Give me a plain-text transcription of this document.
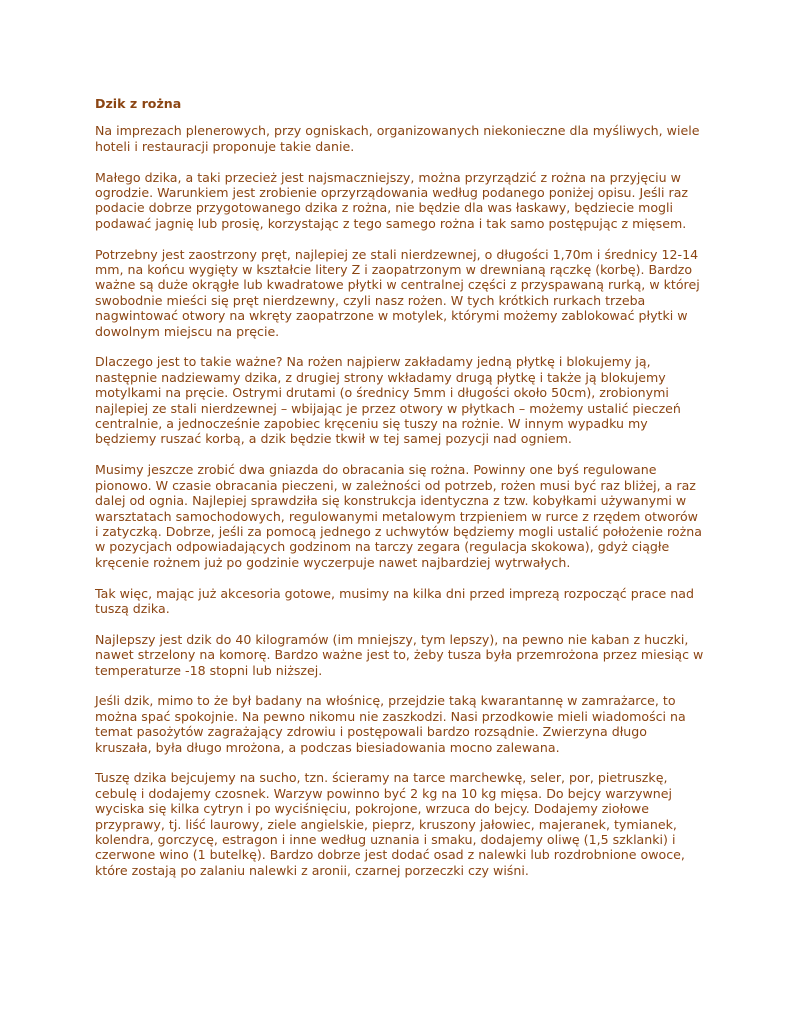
Dzik z rożna

Na imprezach plenerowych, przy ogniskach, organizowanych niekonieczne dla myśliwych, wiele hoteli i restauracji proponuje takie danie.

Małego dzika, a taki przecież jest najsmaczniejszy, można przyrządzić z rożna na przyjęciu w ogrodzie. Warunkiem jest zrobienie oprzyrządowania według podanego poniżej opisu. Jeśli raz podacie dobrze przygotowanego dzika z rożna, nie będzie dla was łaskawy, będziecie mogli podawać jagnię lub prosię, korzystając z tego samego rożna i tak samo postępując z mięsem.

Potrzebny jest zaostrzony pręt, najlepiej ze stali nierdzewnej, o długości 1,70m i średnicy 12-14 mm, na końcu wygięty w kształcie litery Z i zaopatrzonym w drewnianą rączkę (korbę). Bardzo ważne są duże okrągłe lub kwadratowe płytki w centralnej części z przyspawaną rurką, w której swobodnie mieści się pręt nierdzewny, czyli nasz rożen. W tych krótkich rurkach trzeba nagwintować otwory na wkręty zaopatrzone w motylek, którymi możemy zablokować płytki w dowolnym miejscu na pręcie.

Dlaczego jest to takie ważne? Na rożen najpierw zakładamy jedną płytkę i blokujemy ją, następnie nadziewamy dzika, z drugiej strony wkładamy drugą płytkę i także ją blokujemy motylkami na pręcie. Ostrymi drutami (o średnicy 5mm i długości około 50cm), zrobionymi najlepiej ze stali nierdzewnej – wbijając je przez otwory w płytkach – możemy ustalić pieczeń centralnie, a jednocześnie zapobiec kręceniu się tuszy na rożnie. W innym wypadku my będziemy ruszać korbą, a dzik będzie tkwił w tej samej pozycji nad ogniem.

Musimy jeszcze zrobić dwa gniazda do obracania się rożna. Powinny one byś regulowane pionowo. W czasie obracania pieczeni, w zależności od potrzeb, rożen musi być raz bliżej, a raz dalej od ognia. Najlepiej sprawdziła się konstrukcja identyczna z tzw. kobyłkami używanymi w warsztatach samochodowych, regulowanymi metalowym trzpieniem w rurce z rzędem otworów i zatyczką. Dobrze, jeśli za pomocą jednego z uchwytów będziemy mogli ustalić położenie rożna w pozycjach odpowiadających godzinom na tarczy zegara (regulacja skokowa), gdyż ciągłe kręcenie rożnem już po godzinie wyczerpuje nawet najbardziej wytrwałych.

Tak więc, mając już akcesoria gotowe, musimy na kilka dni przed imprezą rozpocząć prace nad tuszą dzika.

Najlepszy jest dzik do 40 kilogramów (im mniejszy, tym lepszy), na pewno nie kaban z huczki, nawet strzelony na komorę. Bardzo ważne jest to, żeby tusza była przemrożona przez miesiąc w temperaturze -18 stopni lub niższej.

Jeśli dzik, mimo to że był badany na włośnicę, przejdzie taką kwarantannę w zamrażarce, to można spać spokojnie. Na pewno nikomu nie zaszkodzi. Nasi przodkowie mieli wiadomości na temat pasożytów zagrażający zdrowiu i postępowali bardzo rozsądnie. Zwierzyna długo kruszała, była długo mrożona, a podczas biesiadowania mocno zalewana.

Tuszę dzika bejcujemy na sucho, tzn. ścieramy na tarce marchewkę, seler, por, pietruszkę, cebulę i dodajemy czosnek. Warzyw powinno być 2 kg na 10 kg mięsa. Do bejcy warzywnej wyciska się kilka cytryn i po wyciśnięciu, pokrojone, wrzuca do bejcy. Dodajemy ziołowe przyprawy, tj. liść laurowy, ziele angielskie, pieprz, kruszony jałowiec, majeranek, tymianek, kolendra, gorczycę, estragon i inne według uznania i smaku, dodajemy oliwę (1,5 szklanki) i czerwone wino (1 butelkę). Bardzo dobrze jest dodać osad z nalewki lub rozdrobnione owoce, które zostają po zalaniu nalewki z aronii, czarnej porzeczki czy wiśni.
